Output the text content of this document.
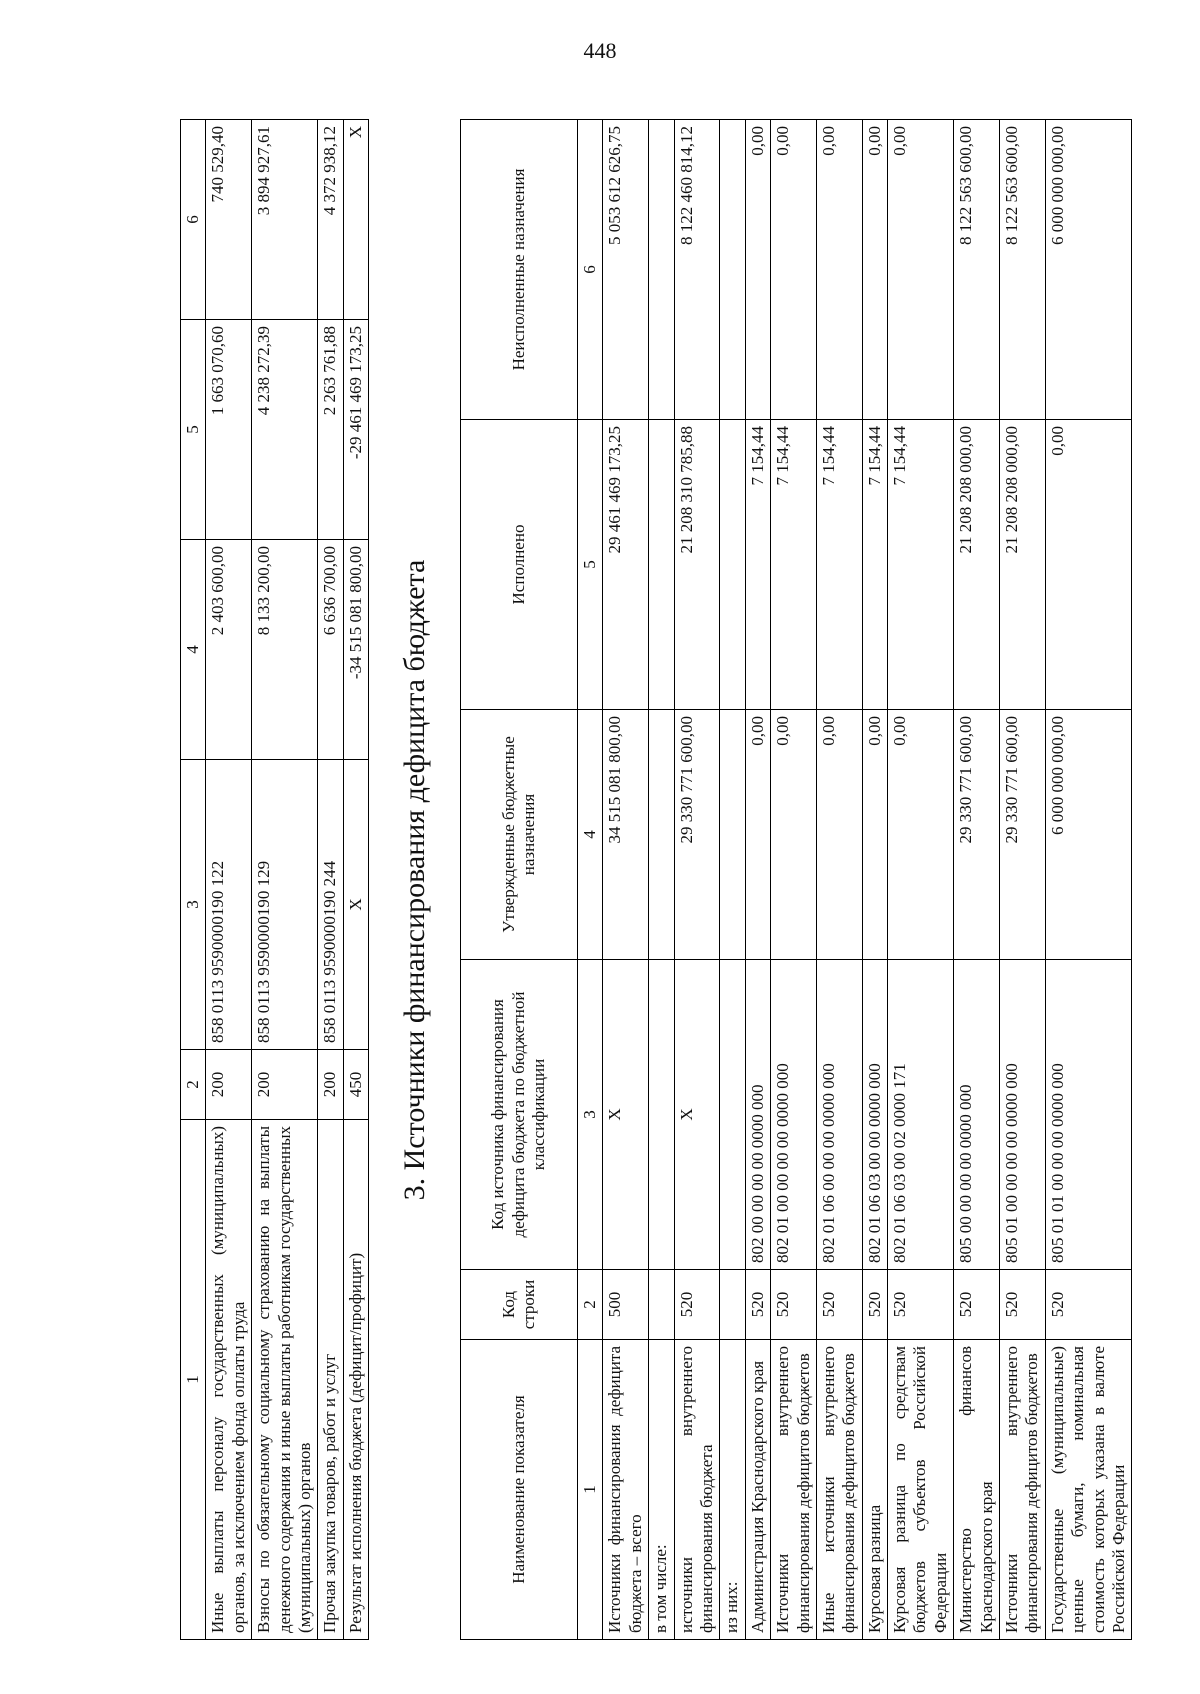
448
1	2	3	4	5	6
Иные выплаты персоналу государственных (муниципальных) органов, за исключением фонда оплаты труда	200	858 0113 9590000190 122	2 403 600,00	1 663 070,60	740 529,40
Взносы по обязательному социальному страхованию на выплаты денежного содержания и иные выплаты работникам государственных (муниципальных) органов	200	858 0113 9590000190 129	8 133 200,00	4 238 272,39	3 894 927,61
Прочая закупка товаров, работ и услуг	200	858 0113 9590000190 244	6 636 700,00	2 263 761,88	4 372 938,12
Результат исполнения бюджета (дефицит/профицит)	450	X	-34 515 081 800,00	-29 461 469 173,25	X
3. Источники финансирования дефицита бюджета
Наименование показателя	Код строки	Код источника финансирования дефицита бюджета по бюджетной классификации	Утвержденные бюджетные назначения	Исполнено	Неисполненные назначения
1	2	3	4	5	6
Источники финансирования дефицита бюджета – всего	500	X	34 515 081 800,00	29 461 469 173,25	5 053 612 626,75
в том числе:					
источники внутреннего финансирования бюджета	520	X	29 330 771 600,00	21 208 310 785,88	8 122 460 814,12
из них:					
Администрация Краснодарского края	520	802 00 00 00 00 0000 000	0,00	7 154,44	0,00
Источники внутреннего финансирования дефицитов бюджетов	520	802 01 00 00 00 00 0000 000	0,00	7 154,44	0,00
Иные источники внутреннего финансирования дефицитов бюджетов	520	802 01 06 00 00 00 0000 000	0,00	7 154,44	0,00
Курсовая разница	520	802 01 06 03 00 00 0000 000	0,00	7 154,44	0,00
Курсовая разница по средствам бюджетов субъектов Российской Федерации	520	802 01 06 03 00 02 0000 171	0,00	7 154,44	0,00
Министерство финансов Краснодарского края	520	805 00 00 00 00 0000 000	29 330 771 600,00	21 208 208 000,00	8 122 563 600,00
Источники внутреннего финансирования дефицитов бюджетов	520	805 01 00 00 00 00 0000 000	29 330 771 600,00	21 208 208 000,00	8 122 563 600,00
Государственные (муниципальные) ценные бумаги, номинальная стоимость которых указана в валюте Российской Федерации	520	805 01 01 00 00 00 0000 000	6 000 000 000,00	0,00	6 000 000 000,00
